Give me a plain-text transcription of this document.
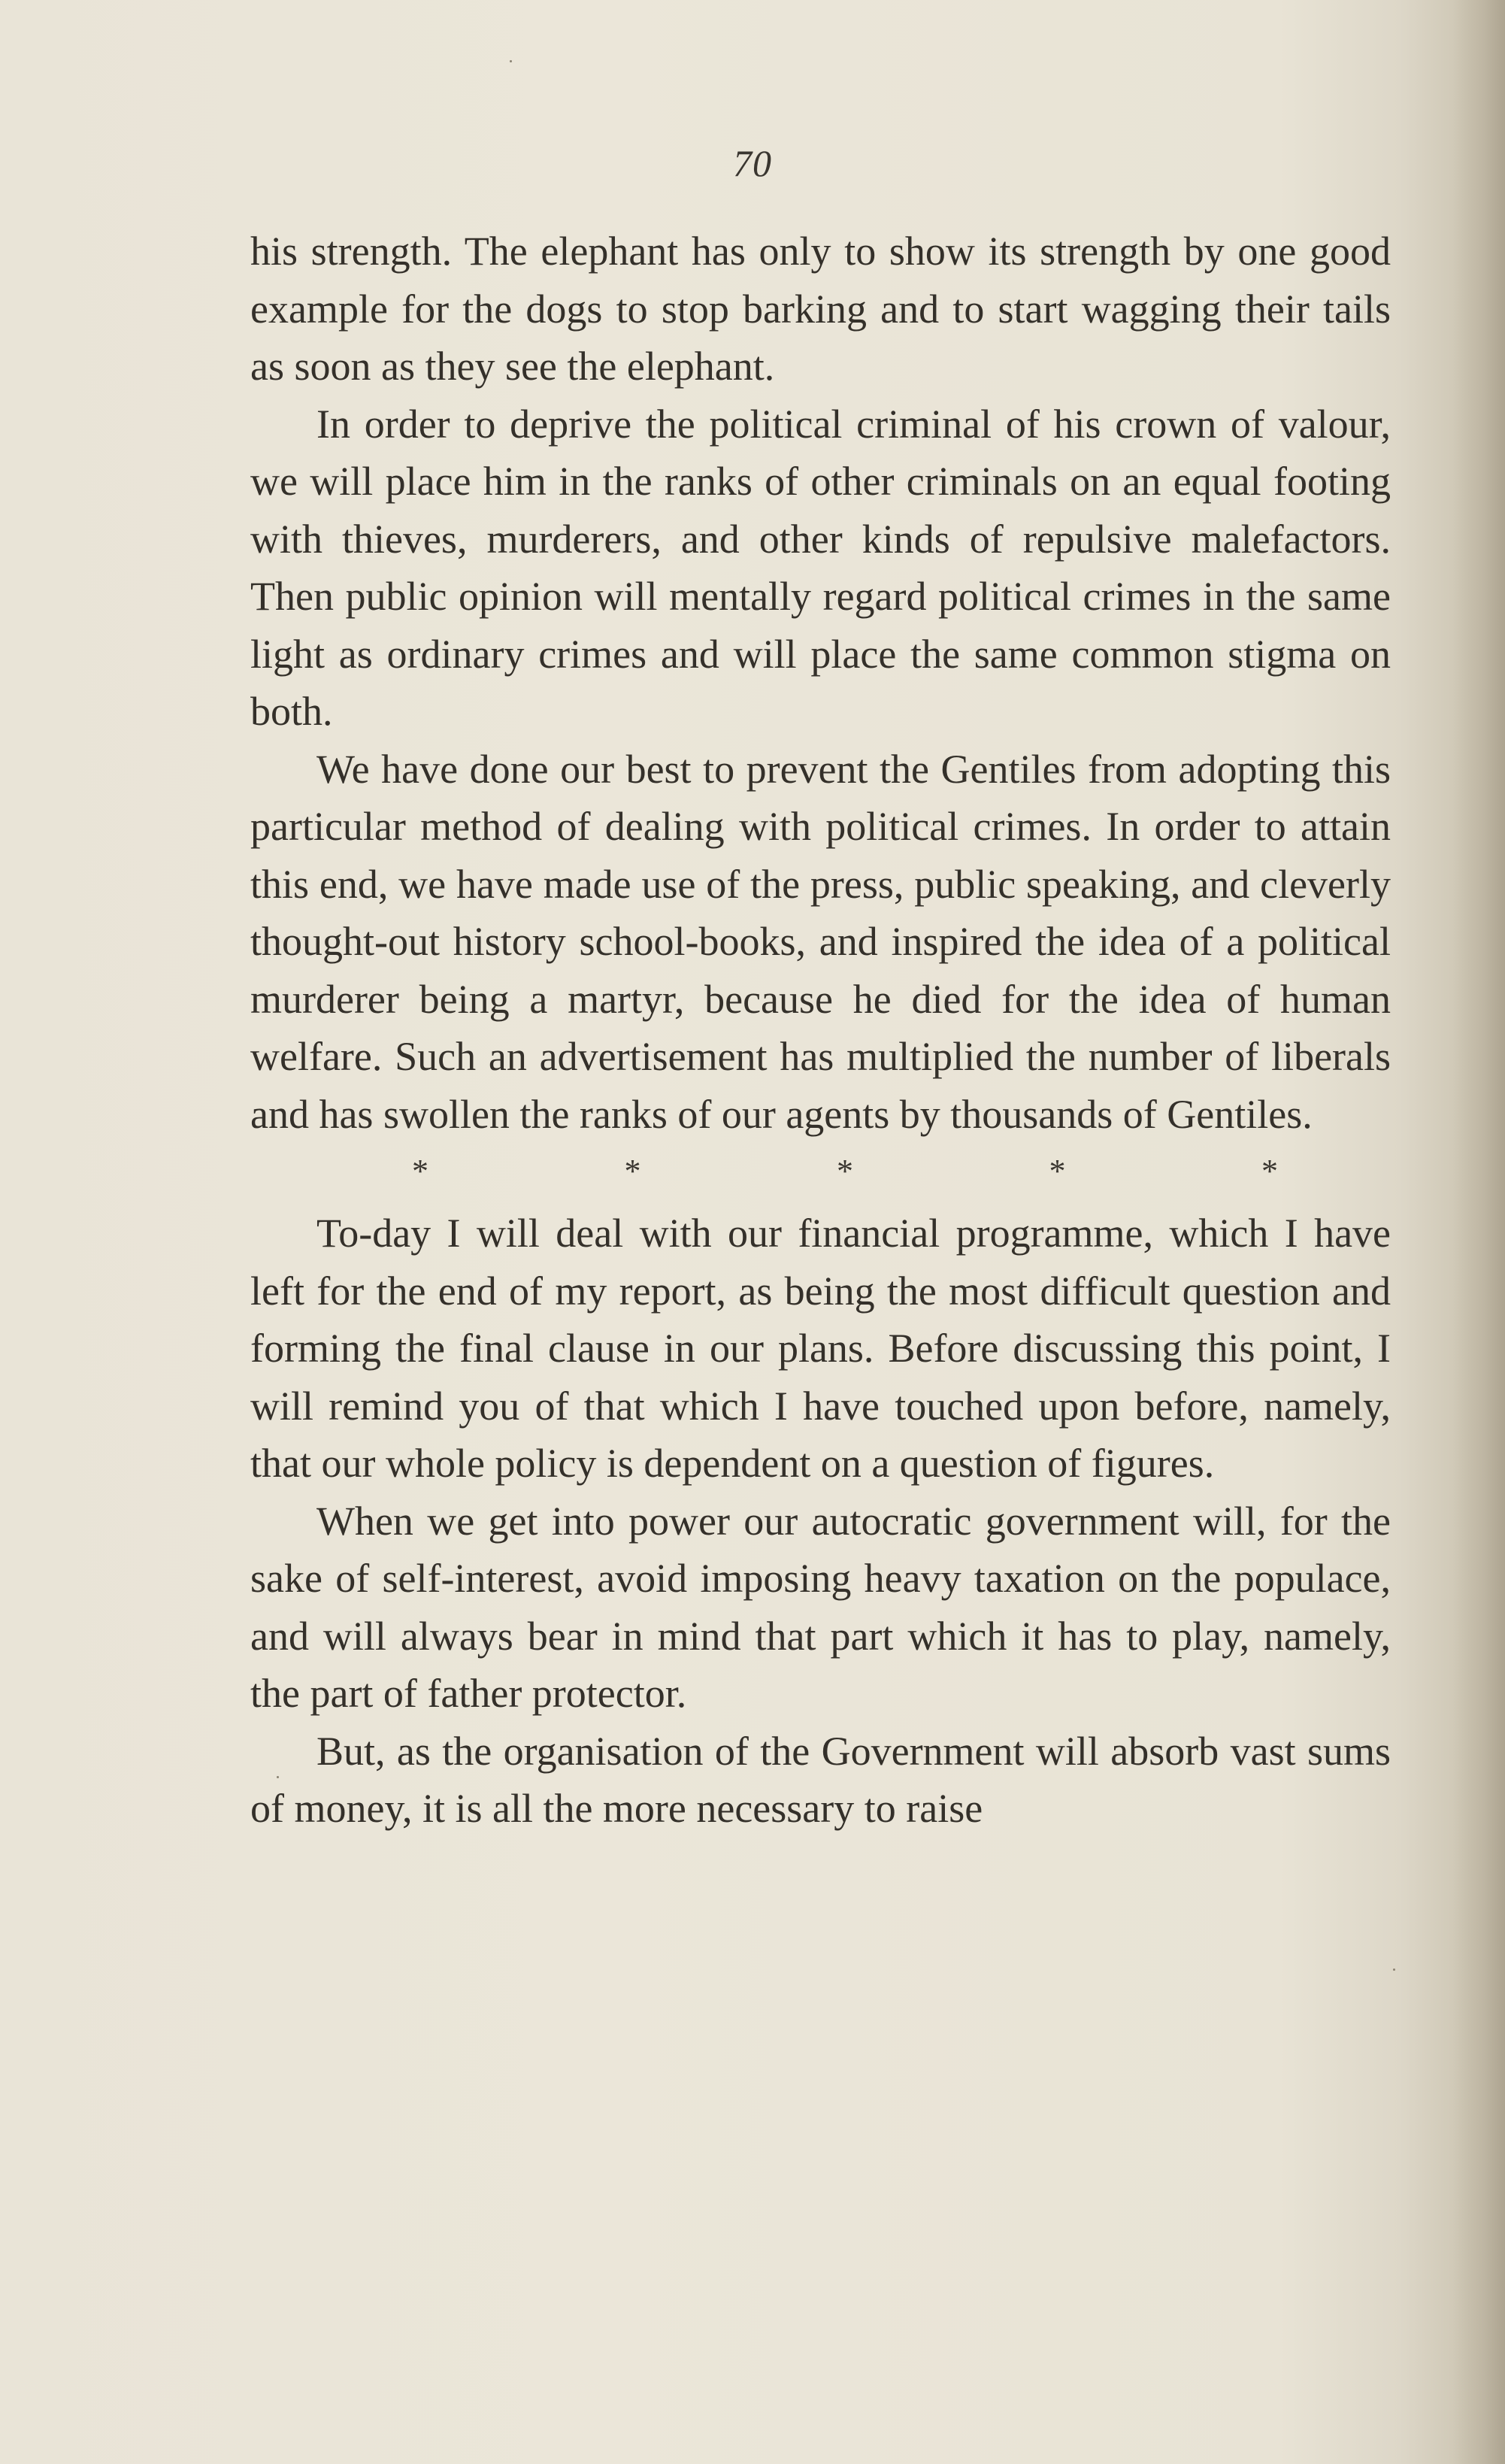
70

his strength. The elephant has only to show its strength by one good example for the dogs to stop barking and to start wagging their tails as soon as they see the elephant.

In order to deprive the political criminal of his crown of valour, we will place him in the ranks of other criminals on an equal footing with thieves, murderers, and other kinds of repulsive malefactors. Then public opinion will mentally regard political crimes in the same light as ordinary crimes and will place the same common stigma on both.

We have done our best to prevent the Gentiles from adopting this particular method of dealing with political crimes. In order to attain this end, we have made use of the press, public speaking, and cleverly thought-out history school-books, and inspired the idea of a political murderer being a martyr, because he died for the idea of human welfare. Such an advertisement has multiplied the number of liberals and has swollen the ranks of our agents by thousands of Gentiles.

*	*	*	*	*

To-day I will deal with our financial programme, which I have left for the end of my report, as being the most difficult question and forming the final clause in our plans. Before discussing this point, I will remind you of that which I have touched upon before, namely, that our whole policy is dependent on a question of figures.

When we get into power our autocratic government will, for the sake of self-interest, avoid imposing heavy taxation on the populace, and will always bear in mind that part which it has to play, namely, the part of father protector.

But, as the organisation of the Government will absorb vast sums of money, it is all the more necessary to raise
